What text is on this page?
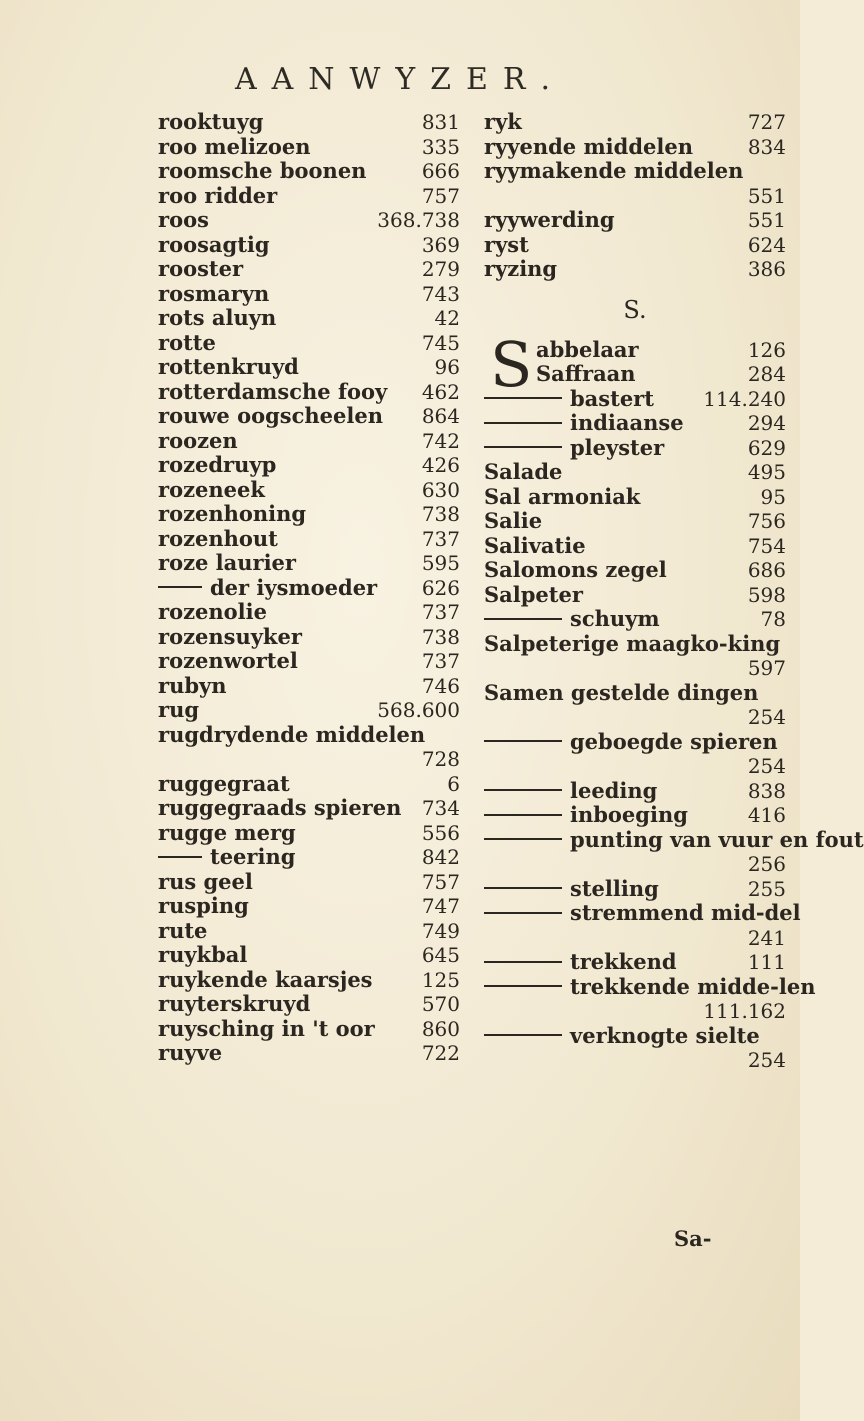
AANWYZER.
rooktuyg	831
roo melizoen	335
roomsche boonen	666
roo ridder	757
roos	368.738
roosagtig	369
rooster	279
rosmaryn	743
rots aluyn	42
rotte	745
rottenkruyd	96
rotterdamsche fooy 462
rouwe oogscheelen 864
roozen	742
rozedruyp	426
rozeneek	630
rozenhoning	738
rozenhout	737
roze laurier	595
der iysmoeder 626
rozenolie	737
rozensuyker	738
rozenwortel	737
rubyn	746
rug	568.600
rugdrydende middelen
728
ruggegraat	6
ruggegraads spieren 734
rugge merg	556
teering	842
rus geel	757
rusping	747
rute	749
ruykbal	645
ruykende kaarsjes 125
ruyterskruyd	570
ruysching in 't oor 860
ruyve	722
ryk	727
ryyende middelen	834
ryymakende middelen
551
ryywerding	551
ryst	624
ryzing	386
S.
S abbelaar	126
Saffraan	284
bastert 114.240
indiaanse	294
pleyster	629
Salade	495
Sal armoniak	95
Salie	756
Salivatie	754
Salomons zegel	686
Salpeter	598
schuym	78
Salpeterige maagko-king
597
Samen gestelde dingen
254
geboegde spieren
254
leeding	838
inboeging	416
punting van vuur en fout
256
stelling	255
stremmend mid-del
241
trekkend	111
trekkende midde-len
111.162
verknogte sielte
254
Sa-
